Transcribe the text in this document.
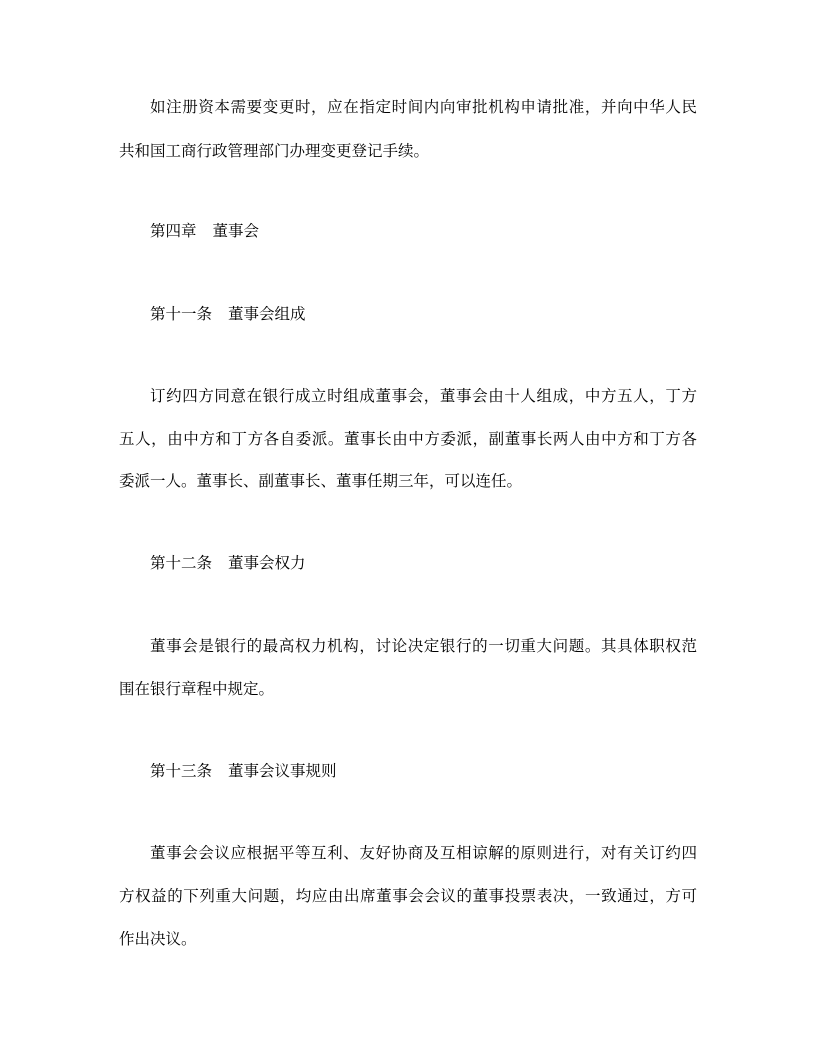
如注册资本需要变更时，应在指定时间内向审批机构申请批准，并向中华人民
共和国工商行政管理部门办理变更登记手续。
第四章 董事会
第十一条 董事会组成
订约四方同意在银行成立时组成董事会，董事会由十人组成，中方五人，丁方
五人，由中方和丁方各自委派。董事长由中方委派，副董事长两人由中方和丁方各
委派一人。董事长、副董事长、董事任期三年，可以连任。
第十二条 董事会权力
董事会是银行的最高权力机构，讨论决定银行的一切重大问题。其具体职权范
围在银行章程中规定。
第十三条 董事会议事规则
董事会会议应根据平等互利、友好协商及互相谅解的原则进行，对有关订约四
方权益的下列重大问题，均应由出席董事会会议的董事投票表决，一致通过，方可
作出决议。
